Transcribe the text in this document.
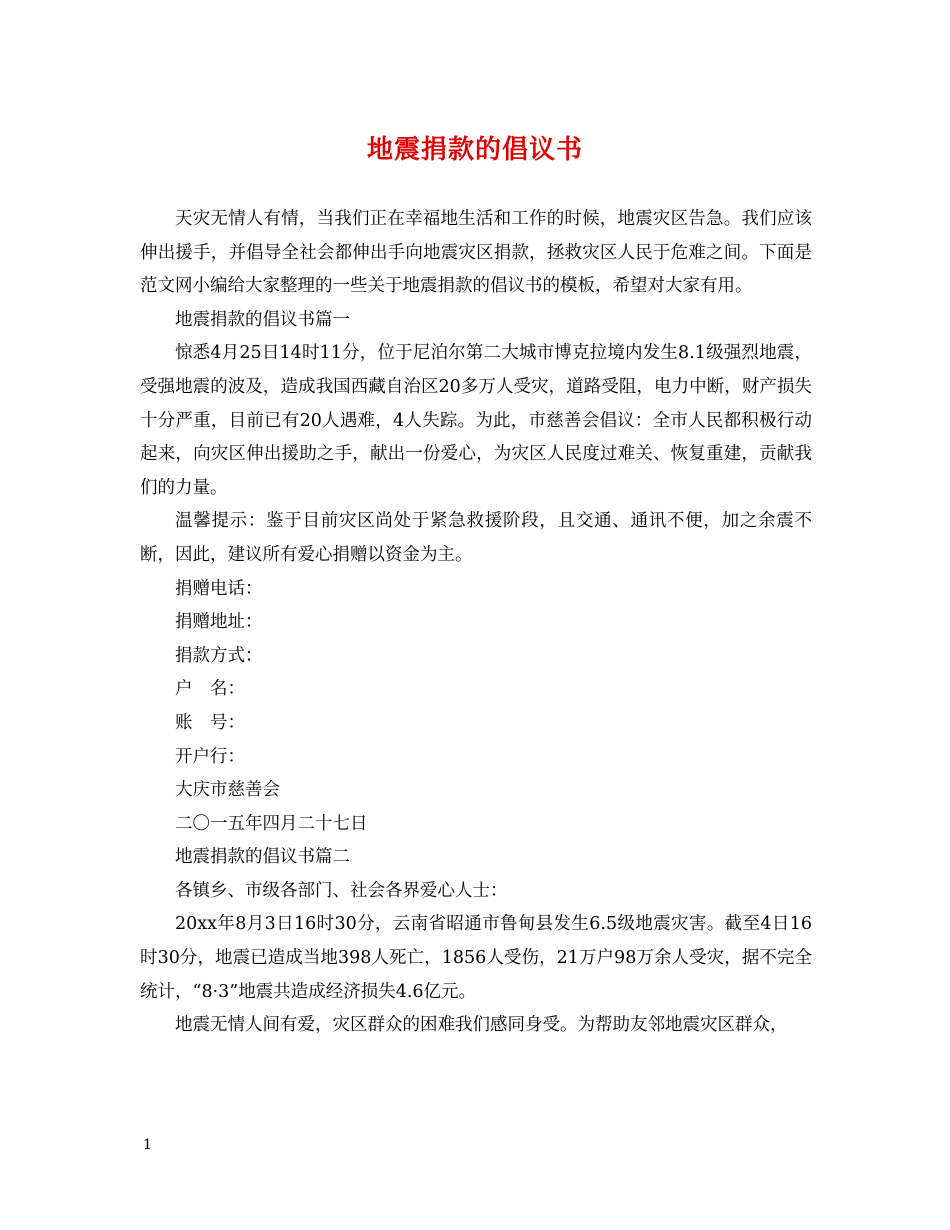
地震捐款的倡议书

天灾无情人有情，当我们正在幸福地生活和工作的时候，地震灾区告急。我们应该伸出援手，并倡导全社会都伸出手向地震灾区捐款，拯救灾区人民于危难之间。下面是范文网小编给大家整理的一些关于地震捐款的倡议书的模板，希望对大家有用。

地震捐款的倡议书篇一

惊悉4月25日14时11分，位于尼泊尔第二大城市博克拉境内发生8.1级强烈地震，受强地震的波及，造成我国西藏自治区20多万人受灾，道路受阻，电力中断，财产损失十分严重，目前已有20人遇难，4人失踪。为此，市慈善会倡议：全市人民都积极行动起来，向灾区伸出援助之手，献出一份爱心，为灾区人民度过难关、恢复重建，贡献我们的力量。

温馨提示：鉴于目前灾区尚处于紧急救援阶段，且交通、通讯不便，加之余震不断，因此，建议所有爱心捐赠以资金为主。

捐赠电话：

捐赠地址：

捐款方式：

户　名：

账　号：

开户行：

大庆市慈善会

二〇一五年四月二十七日

地震捐款的倡议书篇二

各镇乡、市级各部门、社会各界爱心人士：

20xx年8月3日16时30分，云南省昭通市鲁甸县发生6.5级地震灾害。截至4日16时30分，地震已造成当地398人死亡，1856人受伤，21万户98万余人受灾，据不完全统计，“8·3”地震共造成经济损失4.6亿元。

地震无情人间有爱，灾区群众的困难我们感同身受。为帮助友邻地震灾区群众，

1
